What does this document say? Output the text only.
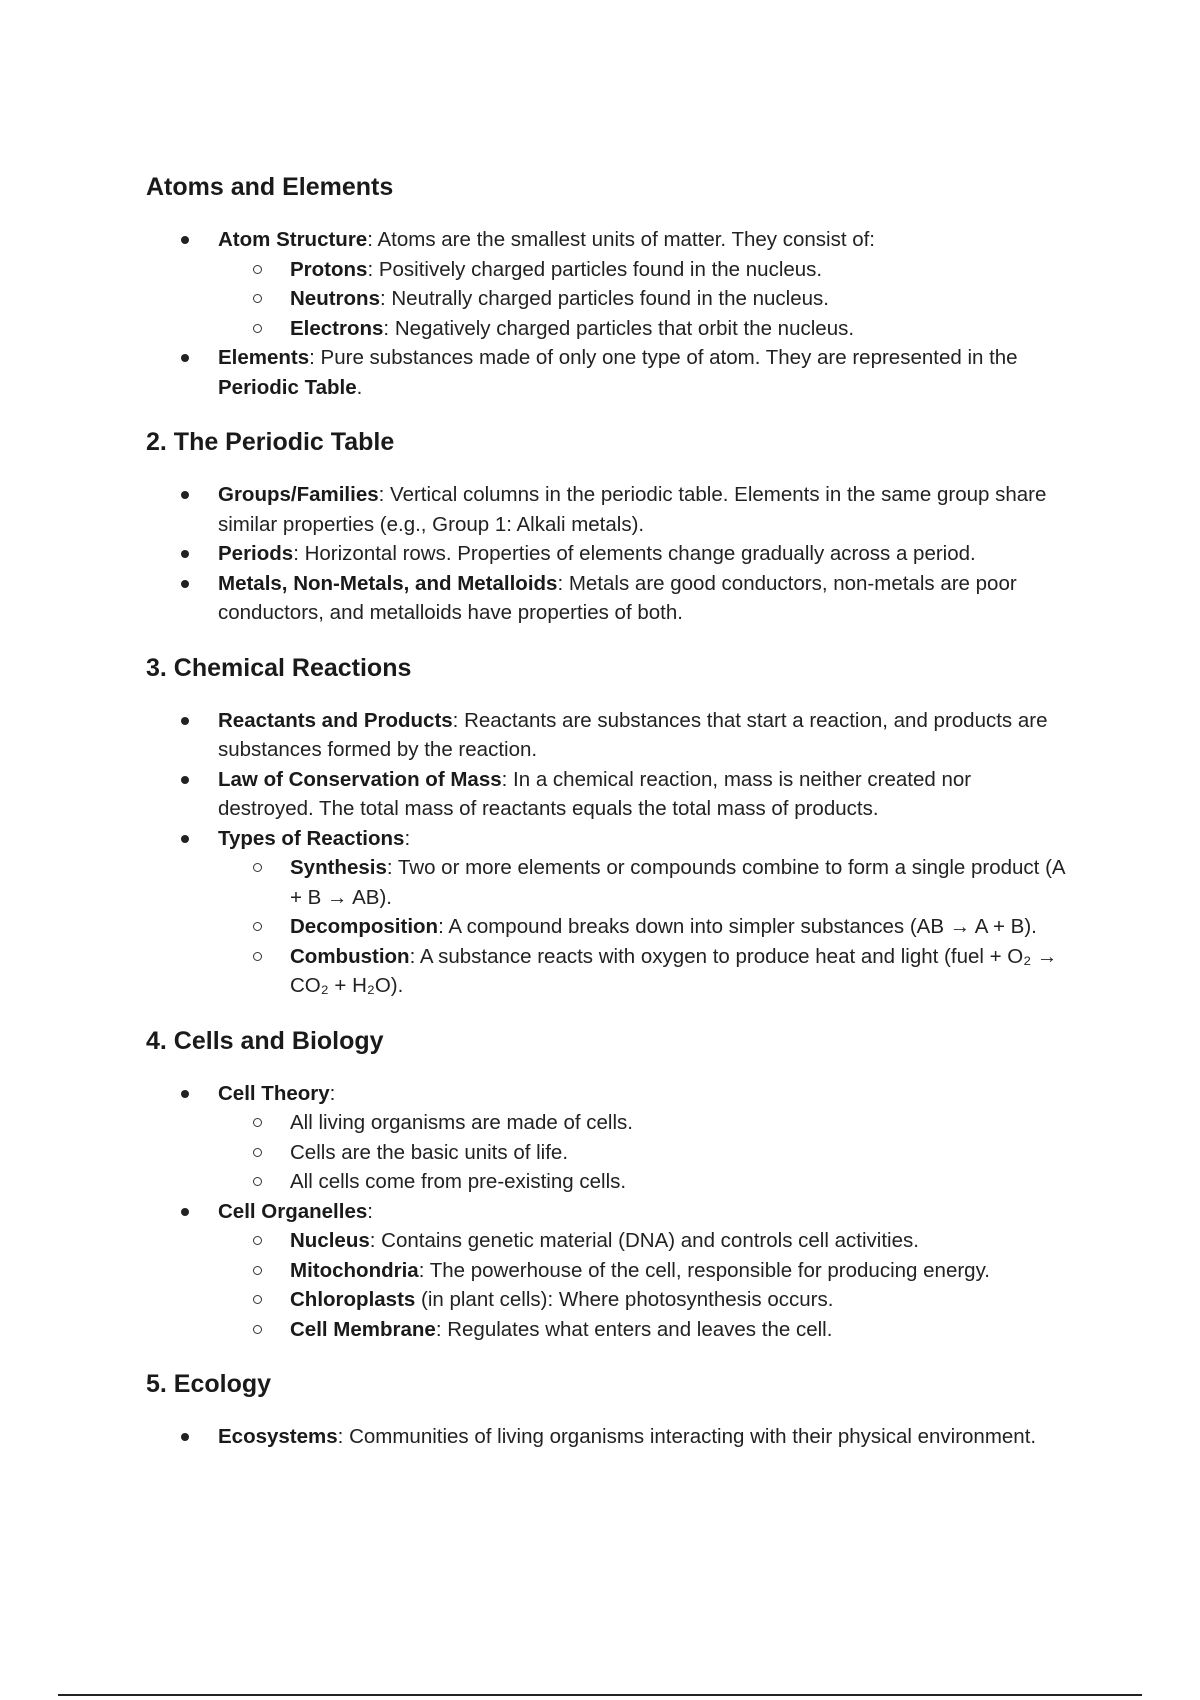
Atoms and Elements
Atom Structure: Atoms are the smallest units of matter. They consist of:
Protons: Positively charged particles found in the nucleus.
Neutrons: Neutrally charged particles found in the nucleus.
Electrons: Negatively charged particles that orbit the nucleus.
Elements: Pure substances made of only one type of atom. They are represented in the Periodic Table.
2. The Periodic Table
Groups/Families: Vertical columns in the periodic table. Elements in the same group share similar properties (e.g., Group 1: Alkali metals).
Periods: Horizontal rows. Properties of elements change gradually across a period.
Metals, Non-Metals, and Metalloids: Metals are good conductors, non-metals are poor conductors, and metalloids have properties of both.
3. Chemical Reactions
Reactants and Products: Reactants are substances that start a reaction, and products are substances formed by the reaction.
Law of Conservation of Mass: In a chemical reaction, mass is neither created nor destroyed. The total mass of reactants equals the total mass of products.
Types of Reactions:
Synthesis: Two or more elements or compounds combine to form a single product (A + B → AB).
Decomposition: A compound breaks down into simpler substances (AB → A + B).
Combustion: A substance reacts with oxygen to produce heat and light (fuel + O₂ → CO₂ + H₂O).
4. Cells and Biology
Cell Theory:
All living organisms are made of cells.
Cells are the basic units of life.
All cells come from pre-existing cells.
Cell Organelles:
Nucleus: Contains genetic material (DNA) and controls cell activities.
Mitochondria: The powerhouse of the cell, responsible for producing energy.
Chloroplasts (in plant cells): Where photosynthesis occurs.
Cell Membrane: Regulates what enters and leaves the cell.
5. Ecology
Ecosystems: Communities of living organisms interacting with their physical environment.
